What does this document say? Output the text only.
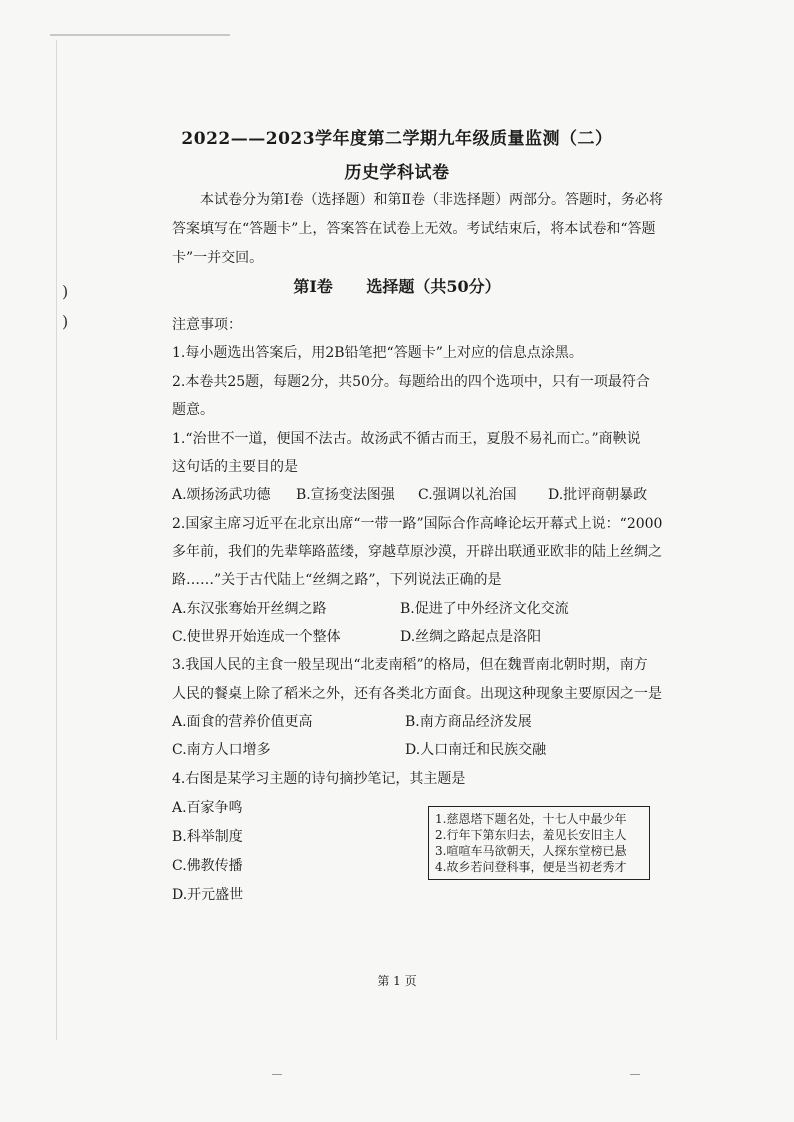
)
)
2022——2023学年度第二学期九年级质量监测（二）
历史学科试卷
本试卷分为第Ⅰ卷（选择题）和第Ⅱ卷（非选择题）两部分。答题时，务必将答案填写在“答题卡”上，答案答在试卷上无效。考试结束后，将本试卷和“答题卡”一并交回。
第Ⅰ卷 选择题（共50分）
注意事项：
1.每小题选出答案后，用2B铅笔把“答题卡”上对应的信息点涂黑。
2.本卷共25题，每题2分，共50分。每题给出的四个选项中，只有一项最符合
题意。
1.“治世不一道，便国不法古。故汤武不循古而王，夏殷不易礼而亡。”商鞅说
这句话的主要目的是
A.颂扬汤武功德 B.宣扬变法图强 C.强调以礼治国 D.批评商朝暴政
2.国家主席习近平在北京出席“一带一路”国际合作高峰论坛开幕式上说：“2000
多年前，我们的先辈筚路蓝缕，穿越草原沙漠，开辟出联通亚欧非的陆上丝绸之
路……”关于古代陆上“丝绸之路”，下列说法正确的是
A.东汉张骞始开丝绸之路	B.促进了中外经济文化交流
C.使世界开始连成一个整体	D.丝绸之路起点是洛阳
3.我国人民的主食一般呈现出“北麦南稻”的格局，但在魏晋南北朝时期，南方
人民的餐桌上除了稻米之外，还有各类北方面食。出现这种现象主要原因之一是
A.面食的营养价值更高	B.南方商品经济发展
C.南方人口增多	D.人口南迁和民族交融
4.右图是某学习主题的诗句摘抄笔记，其主题是
A.百家争鸣
B.科举制度
C.佛教传播
D.开元盛世
1.慈恩塔下题名处，十七人中最少年
2.行年下第东归去，羞见长安旧主人
3.喧喧车马欲朝天，人探东堂榜已悬
4.故乡若问登科事，便是当初老秀才
第 1 页
